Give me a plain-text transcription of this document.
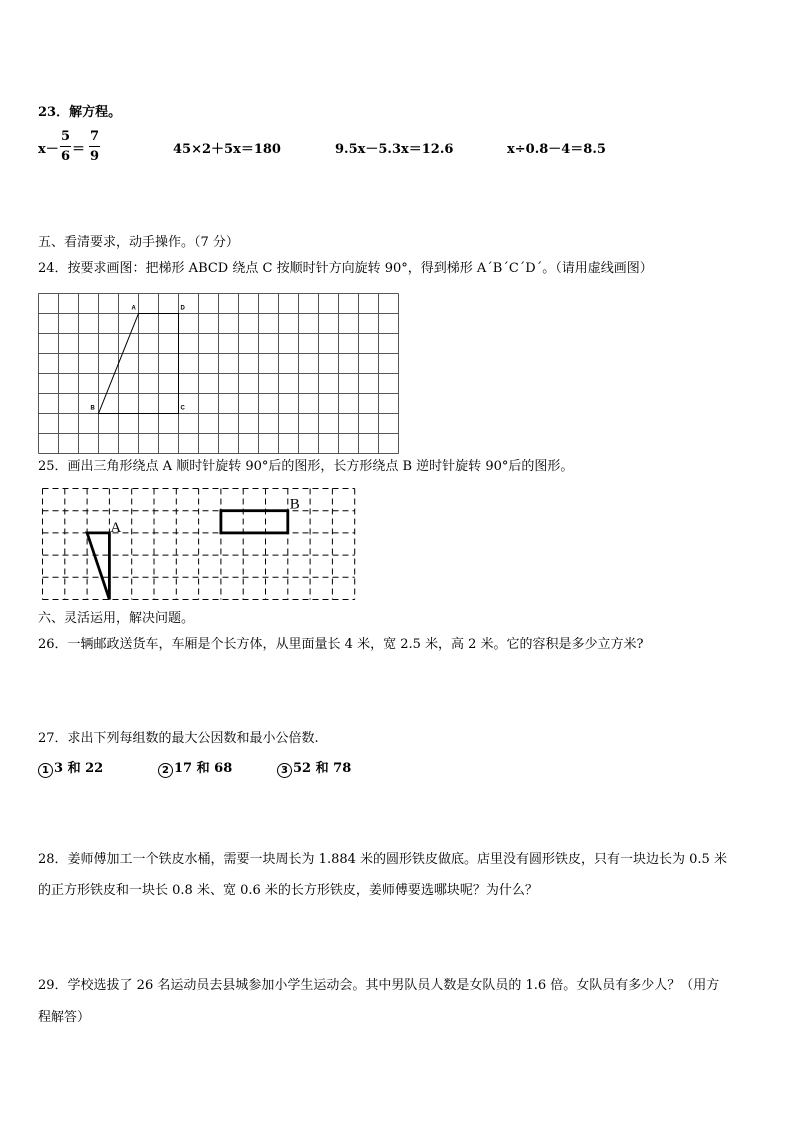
23．解方程。
$x- \frac{5}{6} = \frac{7}{9}$	45×2＋5x＝180	9.5x－5.3x＝12.6	x÷0.8－4＝8.5
五、看清要求，动手操作。（7 分）
24．按要求画图：把梯形 ABCD 绕点 C 按顺时针方向旋转 90°，得到梯形 A´B´C´D´。（请用虚线画图）
A	D
B	C
25．画出三角形绕点 A 顺时针旋转 90°后的图形，长方形绕点 B 逆时针旋转 90°后的图形。
A
B
六、灵活运用，解决问题。
26．一辆邮政送货车，车厢是个长方体，从里面量长 4 米，宽 2.5 米，高 2 米。它的容积是多少立方米?
27．求出下列每组数的最大公因数和最小公倍数.
1 3 和 22	2 17 和 68	3 52 和 78
28．姜师傅加工一个铁皮水桶，需要一块周长为 1.884 米的圆形铁皮做底。店里没有圆形铁皮，只有一块边长为 0.5 米
的正方形铁皮和一块长 0.8 米、宽 0.6 米的长方形铁皮，姜师傅要选哪块呢？为什么？
29．学校选拔了 26 名运动员去县城参加小学生运动会。其中男队员人数是女队员的 1.6 倍。女队员有多少人？（用方
程解答）
